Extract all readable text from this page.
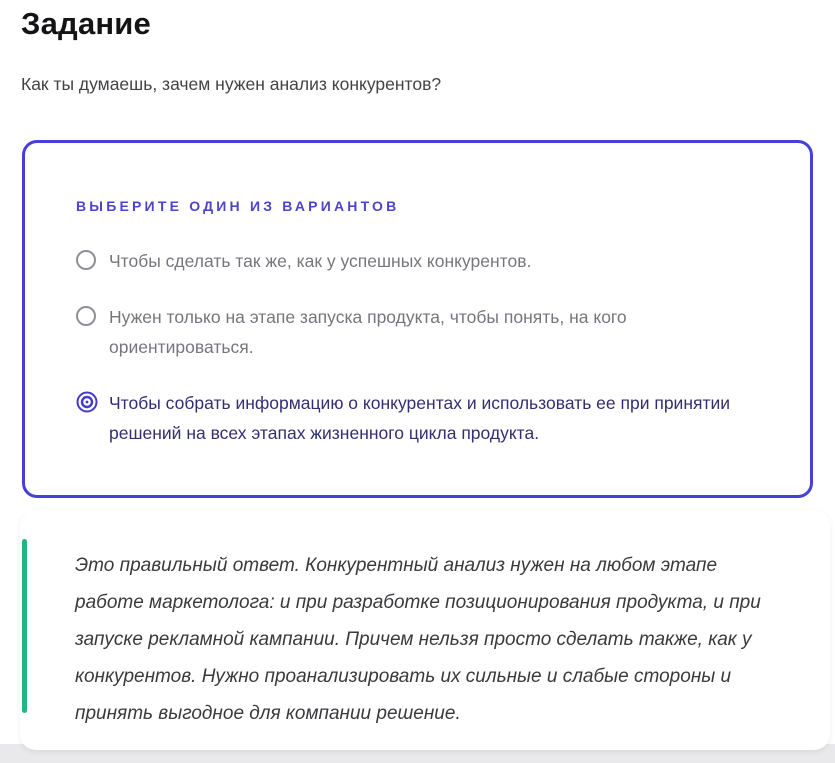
Задание
Как ты думаешь, зачем нужен анализ конкурентов?
ВЫБЕРИТЕ ОДИН ИЗ ВАРИАНТОВ
Чтобы сделать так же, как у успешных конкурентов.
Нужен только на этапе запуска продукта, чтобы понять, на кого ориентироваться.
Чтобы собрать информацию о конкурентах и использовать ее при принятии решений на всех этапах жизненного цикла продукта.
Это правильный ответ. Конкурентный анализ нужен на любом этапе работе маркетолога: и при разработке позиционирования продукта, и при запуске рекламной кампании. Причем нельзя просто сделать также, как у конкурентов. Нужно проанализировать их сильные и слабые стороны и принять выгодное для компании решение.
